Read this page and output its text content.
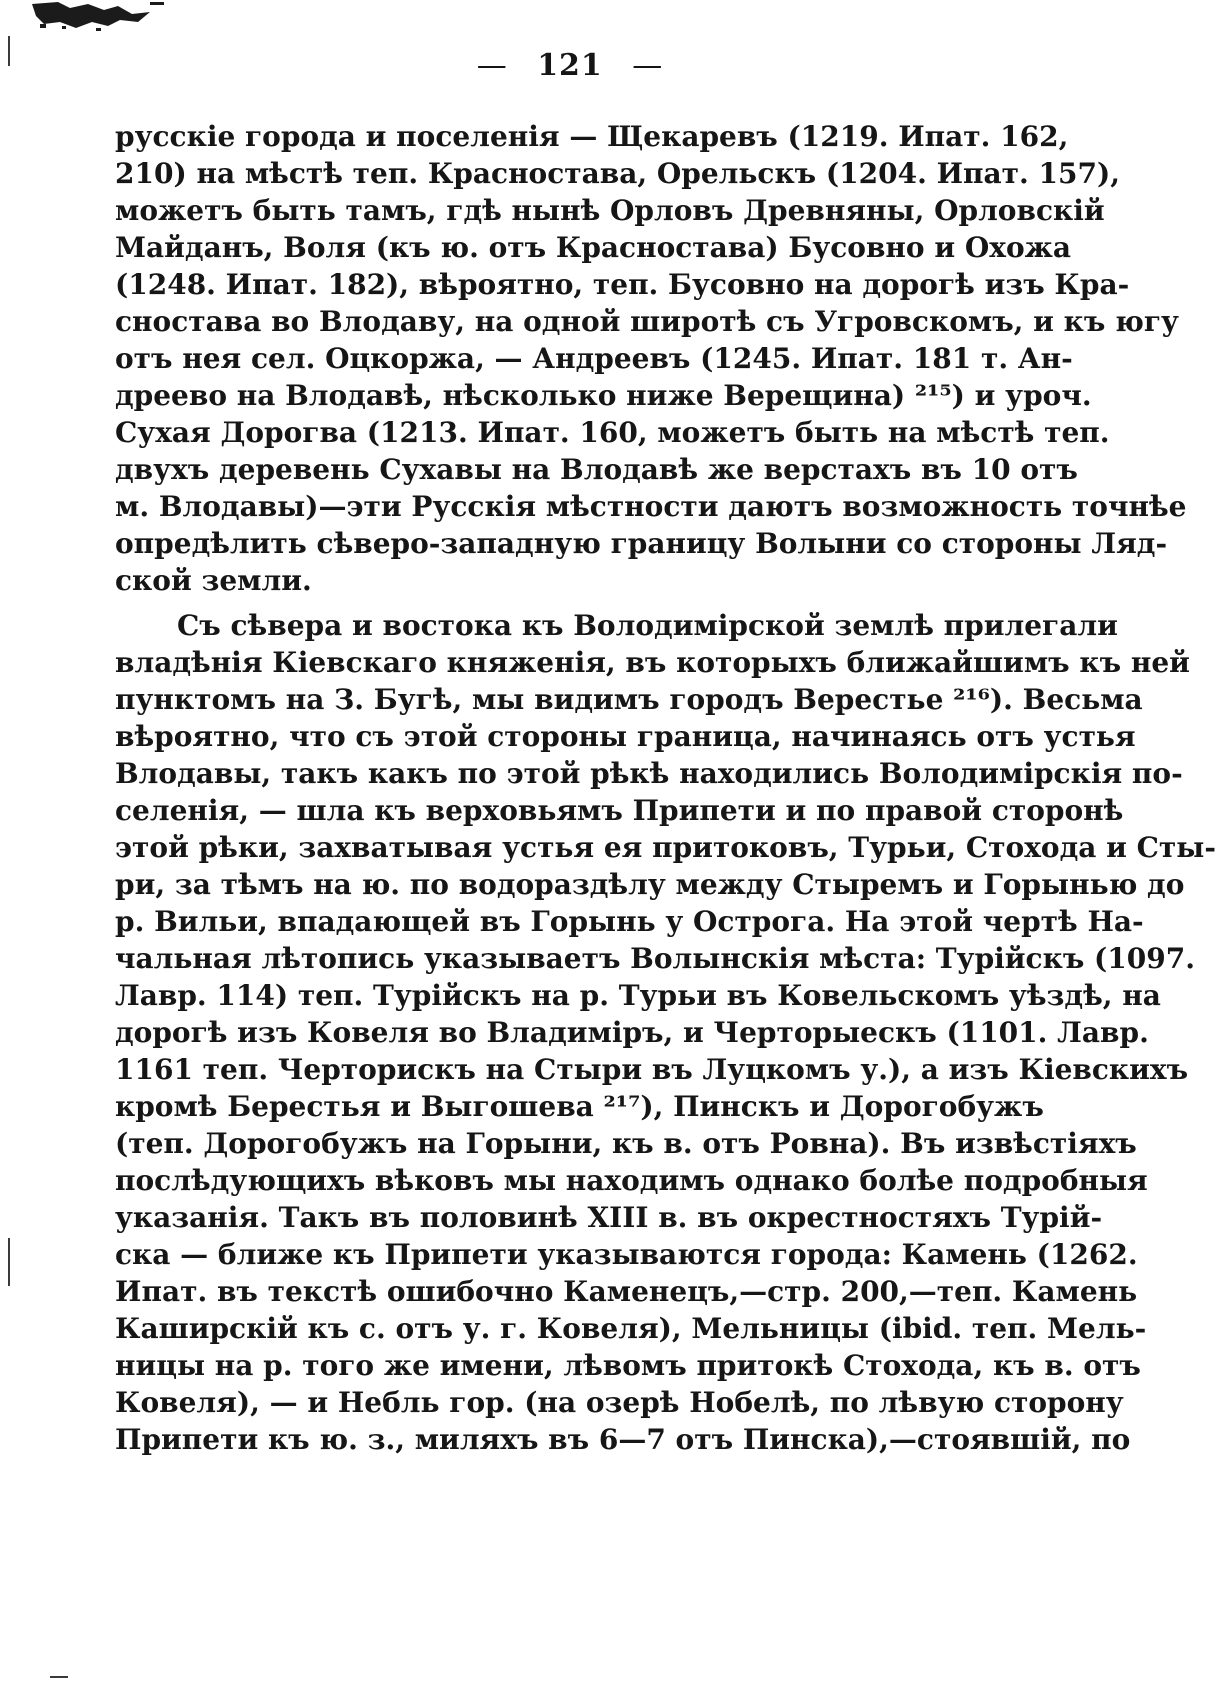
— 121 —
русскіе города и поселенія — Щекаревъ (1219. Ипат. 162,
210) на мѣстѣ теп. Красностава, Орельскъ (1204. Ипат. 157),
можетъ быть тамъ, гдѣ нынѣ Орловъ Древняны, Орловскій
Майданъ, Воля (къ ю. отъ Красностава) Бусовно и Охожа
(1248. Ипат. 182), вѣроятно, теп. Бусовно на дорогѣ изъ Кра-
сностава во Влодаву, на одной широтѣ съ Угровскомъ, и къ югу
отъ нея сел. Оцкоржа, — Андреевъ (1245. Ипат. 181 т. Ан-
дреево на Влодавѣ, нѣсколько ниже Верещина) ²¹⁵) и уроч.
Сухая Дорогва (1213. Ипат. 160, можетъ быть на мѣстѣ теп.
двухъ деревень Сухавы на Влодавѣ же верстахъ въ 10 отъ
м. Влодавы)—эти Русскія мѣстности даютъ возможность точнѣе
опредѣлить сѣверо-западную границу Волыни со стороны Ляд-
ской земли.
Съ сѣвера и востока къ Володимірской землѣ прилегали
владѣнія Кіевскаго княженія, въ которыхъ ближайшимъ къ ней
пунктомъ на З. Бугѣ, мы видимъ городъ Верестье ²¹⁶). Весьма
вѣроятно, что съ этой стороны граница, начинаясь отъ устья
Влодавы, такъ какъ по этой рѣкѣ находились Володимірскія по-
селенія, — шла къ верховьямъ Припети и по правой сторонѣ
этой рѣки, захватывая устья ея притоковъ, Турьи, Стохода и Сты-
ри, за тѣмъ на ю. по водораздѣлу между Стыремъ и Горынью до
р. Вильи, впадающей въ Горынь у Острога. На этой чертѣ На-
чальная лѣтопись указываетъ Волынскія мѣста: Турійскъ (1097.
Лавр. 114) теп. Турійскъ на р. Турьи въ Ковельскомъ уѣздѣ, на
дорогѣ изъ Ковеля во Владиміръ, и Черторыескъ (1101. Лавр.
1161 теп. Черторискъ на Стыри въ Луцкомъ у.), а изъ Кіевскихъ
кромѣ Берестья и Выгошева ²¹⁷), Пинскъ и Дорогобужъ
(теп. Дорогобужъ на Горыни, къ в. отъ Ровна). Въ извѣстіяхъ
послѣдующихъ вѣковъ мы находимъ однако болѣе подробныя
указанія. Такъ въ половинѣ XIII в. въ окрестностяхъ Турій-
ска — ближе къ Припети указываются города: Камень (1262.
Ипат. въ текстѣ ошибочно Каменецъ,—стр. 200,—теп. Камень
Каширскій къ с. отъ у. г. Ковеля), Мельницы (ibid. теп. Мель-
ницы на р. того же имени, лѣвомъ притокѣ Стохода, къ в. отъ
Ковеля), — и Небль гор. (на озерѣ Нобелѣ, по лѣвую сторону
Припети къ ю. з., миляхъ въ 6—7 отъ Пинска),—стоявшій, по
